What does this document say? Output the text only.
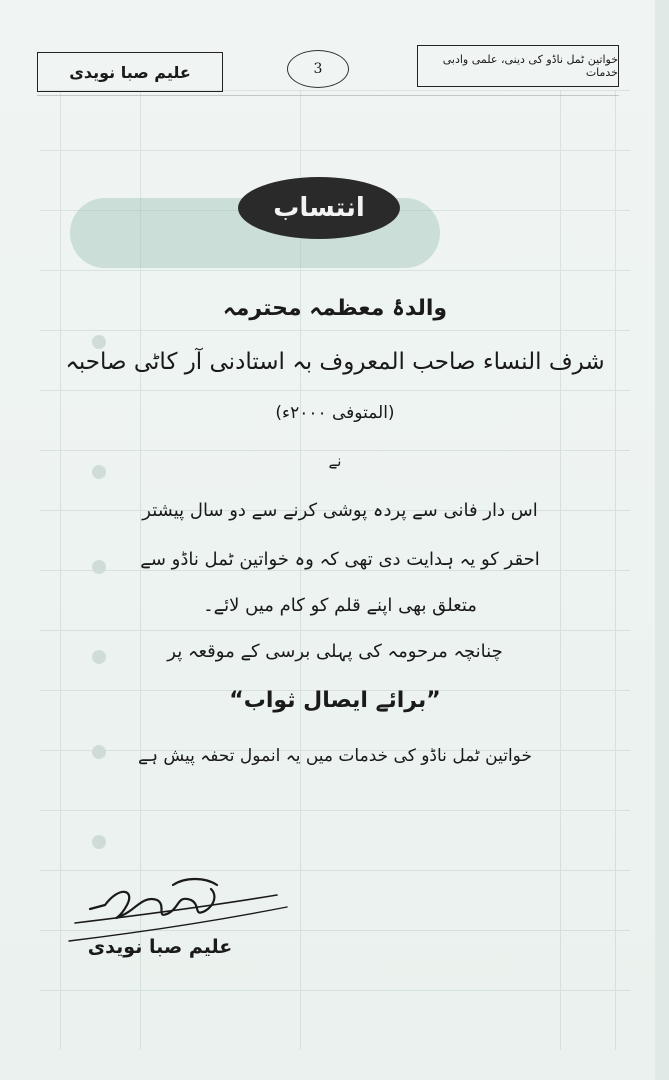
علیم صبا نویدی	3
خواتین ٹمل ناڈو کی دینی، علمی وادبی خدمات
انتساب
والدۂ معظمہ محترمہ
شرف النساء صاحب المعروف بہ استادنی آر کاٹی صاحبہ
(المتوفی ۲۰۰۰ء)
نے
اس دار فانی سے پردہ پوشی کرنے سے دو سال پیشتر
احقر کو یہ ہدایت دی تھی کہ وہ خواتین ٹمل ناڈو سے
متعلق بھی اپنے قلم کو کام میں لائے۔
چنانچہ مرحومہ کی پہلی برسی کے موقعہ پر
”برائے ایصال ثواب“
خواتین ٹمل ناڈو کی خدمات میں یہ انمول تحفہ پیش ہے
علیم صبا نویدی
